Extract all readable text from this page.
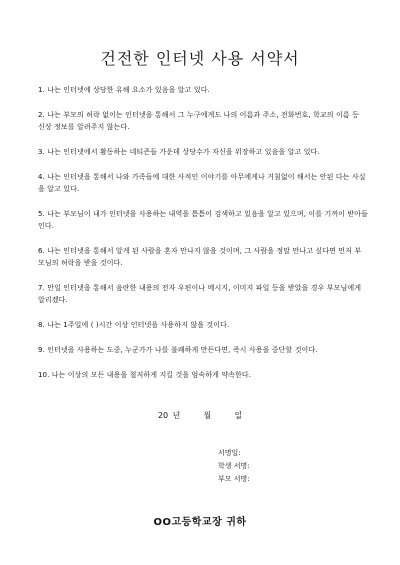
건전한 인터넷 사용 서약서
1. 나는 인터넷에 상당한 유해 요소가 있음을 알고 있다.
2. 나는 부모의 허락 없이는 인터넷을 통해서 그 누구에게도 나의 이름과 주소, 전화번호, 학교의 이름 등 신상 정보를 알려주지 않는다.
3. 나는 인터넷에서 활동하는 네티즌들 가운데 상당수가 자신을 위장하고 있음을 알고 있다.
4. 나는 인터넷을 통해서 나와 가족들에 대한 사적인 이야기를 아무에게나 거침없이 해서는 안된 다는 사실을 알고 있다.
5. 나는 부모님이 내가 인터넷을 사용하는 내역을 틈틈이 검색하고 있음을 알고 있으며, 이를 기꺼이 받아들인다.
6. 나는 인터넷을 통해서 알게 된 사람을 혼자 만나지 않을 것이며, 그 사람을 정말 만나고 싶다면 먼저 부모님의 허락을 받을 것이다.
7. 만일 인터넷을 통해서 음란한 내용의 전자 우편이나 메시지, 이미지 파일 등을 받았을 경우 부모님에게 알리겠다.
8. 나는 1주일에 ( )시간 이상 인터넷을 사용하지 않을 것이다.
9. 인터넷을 사용하는 도중, 누군가가 나를 불쾌하게 만든다면, 즉시 사용을 중단할 것이다.
10. 나는 이상의 모든 내용을 철저하게 지킬 것을 엄숙하게 약속한다.
20 년	월	일
서명일:
학생 서명:
부모 서명:
OO고등학교장 귀하
